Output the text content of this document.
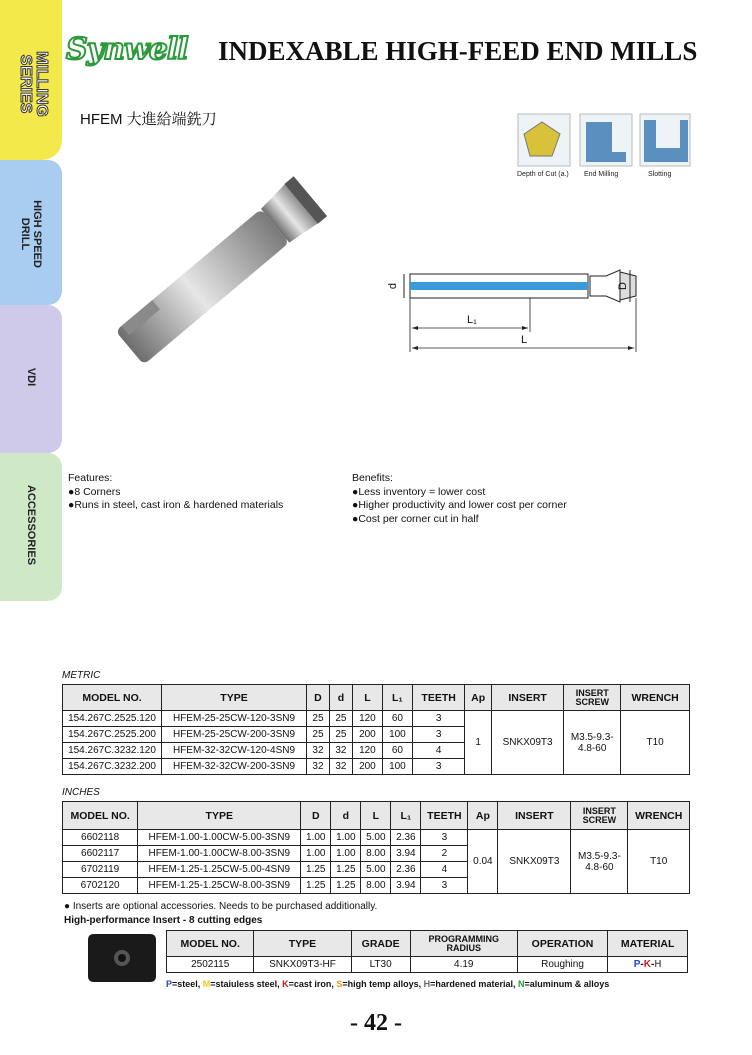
MILLING
SERIES
HIGH SPEED
DRILL
VDI
ACCESSORIES
Synwell INDEXABLE HIGH-FEED END MILLS
HFEM 大進給端銑刀
Depth of Cut (a.) End Milling	Slotting
d	D
L₁
L
Features:
●8 Corners
●Runs in steel, cast iron & hardened materials
Benefits:
●Less inventory = lower cost
●Higher productivity and lower cost per corner
●Cost per corner cut in half
METRIC
MODEL NO.	TYPE	D	d	L	L₁	TEETH	Ap	INSERT	INSERT SCREW	WRENCH
154.267C.2525.120	HFEM-25-25CW-120-3SN9	25	25	120	60	3	1	SNKX09T3	M3.5-9.3-4.8-60	T10
154.267C.2525.200	HFEM-25-25CW-200-3SN9	25	25	200	100	3				
154.267C.3232.120	HFEM-32-32CW-120-4SN9	32	32	120	60	4				
154.267C.3232.200	HFEM-32-32CW-200-3SN9	32	32	200	100	3				
INCHES
MODEL NO.	TYPE	D	d	L	L₁	TEETH	Ap	INSERT	INSERT SCREW	WRENCH
6602118	HFEM-1.00-1.00CW-5.00-3SN9	1.00	1.00	5.00	2.36	3	0.04	SNKX09T3	M3.5-9.3-4.8-60	T10
6602117	HFEM-1.00-1.00CW-8.00-3SN9	1.00	1.00	8.00	3.94	2				
6702119	HFEM-1.25-1.25CW-5.00-4SN9	1.25	1.25	5.00	2.36	4				
6702120	HFEM-1.25-1.25CW-8.00-3SN9	1.25	1.25	8.00	3.94	3				
● Inserts are optional accessories. Needs to be purchased additionally.
High-performance Insert - 8 cutting edges
MODEL NO.	TYPE	GRADE	PROGRAMMING RADIUS	OPERATION	MATERIAL
2502115	SNKX09T3-HF	LT30	4.19	Roughing	P-K-H
P=steel, M=staiuless steel, K=cast iron, S=high temp alloys, H=hardened material, N=aluminum & alloys
- 42 -
